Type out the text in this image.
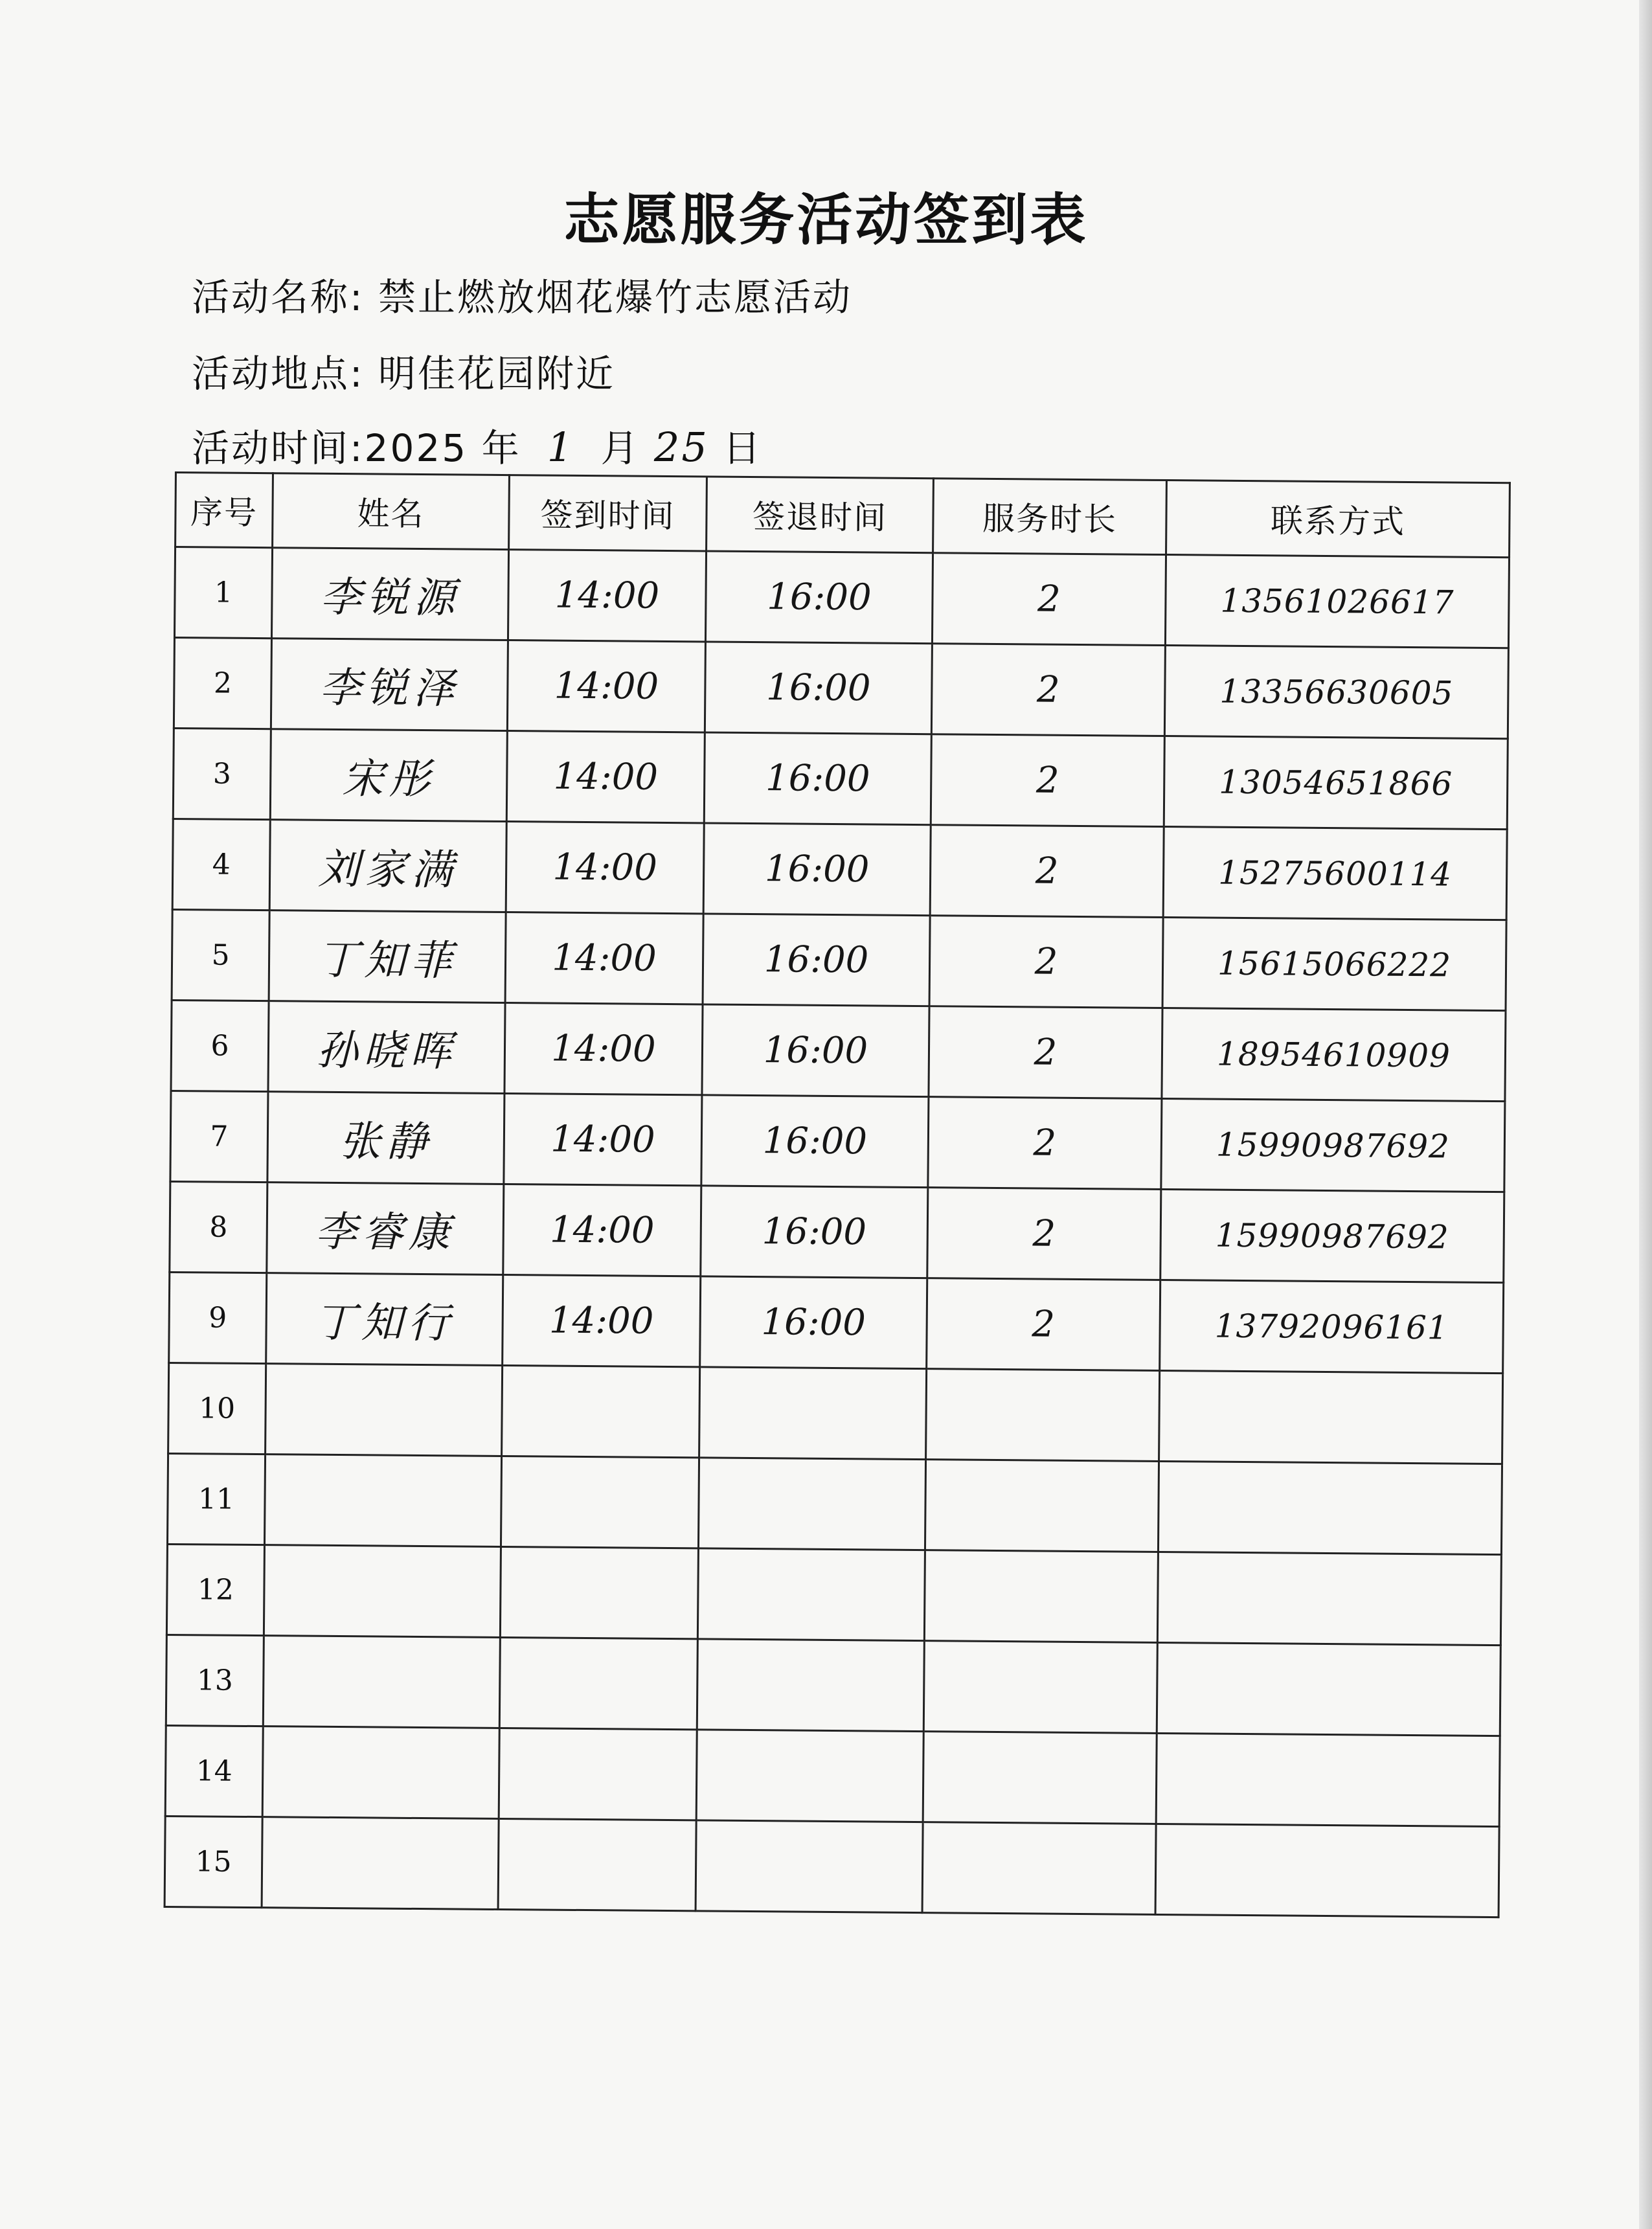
志愿服务活动签到表
活动名称: 禁止燃放烟花爆竹志愿活动
活动地点: 明佳花园附近
活动时间:2025 年 1 月 25 日
序号	姓名	签到时间	签退时间	服务时长	联系方式
1	李锐源	14:00	16:00	2	13561026617
2	李锐泽	14:00	16:00	2	13356630605
3	宋彤	14:00	16:00	2	13054651866
4	刘家满	14:00	16:00	2	15275600114
5	丁知菲	14:00	16:00	2	15615066222
6	孙晓晖	14:00	16:00	2	18954610909
7	张静	14:00	16:00	2	15990987692
8	李睿康	14:00	16:00	2	15990987692
9	丁知行	14:00	16:00	2	13792096161
10					
11					
12					
13					
14					
15					
